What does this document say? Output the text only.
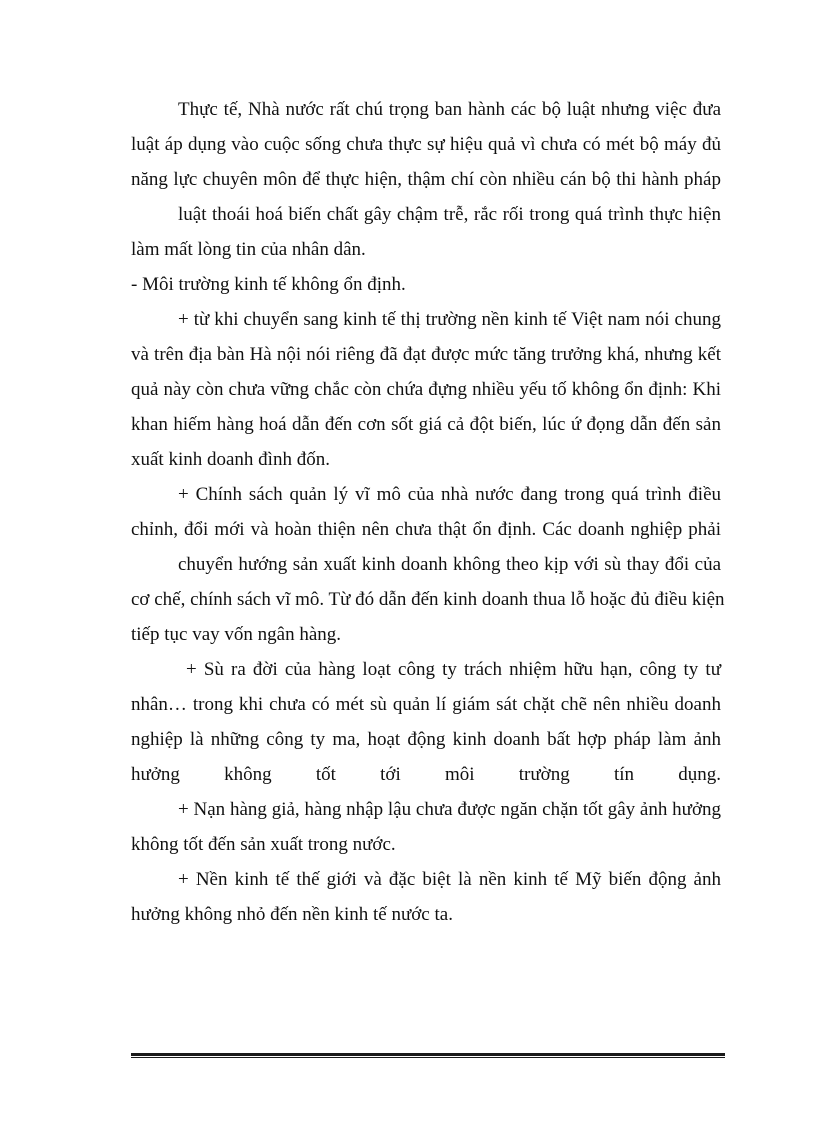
Thực tế, Nhà nước rất chú trọng ban hành các bộ luật nhưng việc đưa
luật áp dụng vào cuộc sống chưa thực sự hiệu quả vì chưa có mét bộ máy đủ
năng lực chuyên môn để thực hiện, thậm chí còn nhiều cán bộ thi hành pháp
luật thoái hoá biến chất gây chậm trễ, rắc rối trong quá trình thực hiện
làm mất lòng tin của nhân dân.
- Môi trường kinh tế không ổn định.
+ từ khi chuyển sang kinh tế thị trường nền kinh tế Việt nam nói chung
và trên địa bàn Hà nội nói riêng đã đạt được mức tăng trưởng khá, nhưng kết
quả này còn chưa vững chắc còn chứa đựng nhiều yếu tố không ổn định: Khi
khan hiếm hàng hoá dẫn đến cơn sốt giá cả đột biến, lúc ứ đọng dẫn đến sản
xuất kinh doanh đình đốn.
+ Chính sách quản lý vĩ mô của nhà nước đang trong quá trình điều
chỉnh, đổi mới và hoàn thiện nên chưa thật ổn định. Các doanh nghiệp phải
chuyển hướng sản xuất kinh doanh không theo kịp với sù thay đổi của
cơ chế, chính sách vĩ mô. Từ đó dẫn đến kinh doanh thua lỗ hoặc đủ điều kiện
tiếp tục vay vốn ngân hàng.
+ Sù ra đời của hàng loạt công ty trách nhiệm hữu hạn, công ty tư
nhân… trong khi chưa có mét sù quản lí giám sát chặt chẽ nên nhiều doanh
nghiệp là những công ty ma, hoạt động kinh doanh bất hợp pháp làm ảnh
hưởng không tốt tới môi trường tín dụng.
+ Nạn hàng giả, hàng nhập lậu chưa được ngăn chặn tốt gây ảnh hưởng
không tốt đến sản xuất trong nước.
+ Nền kinh tế thế giới và đặc biệt là nền kinh tế Mỹ biến động ảnh
hưởng không nhỏ đến nền kinh tế nước ta.
